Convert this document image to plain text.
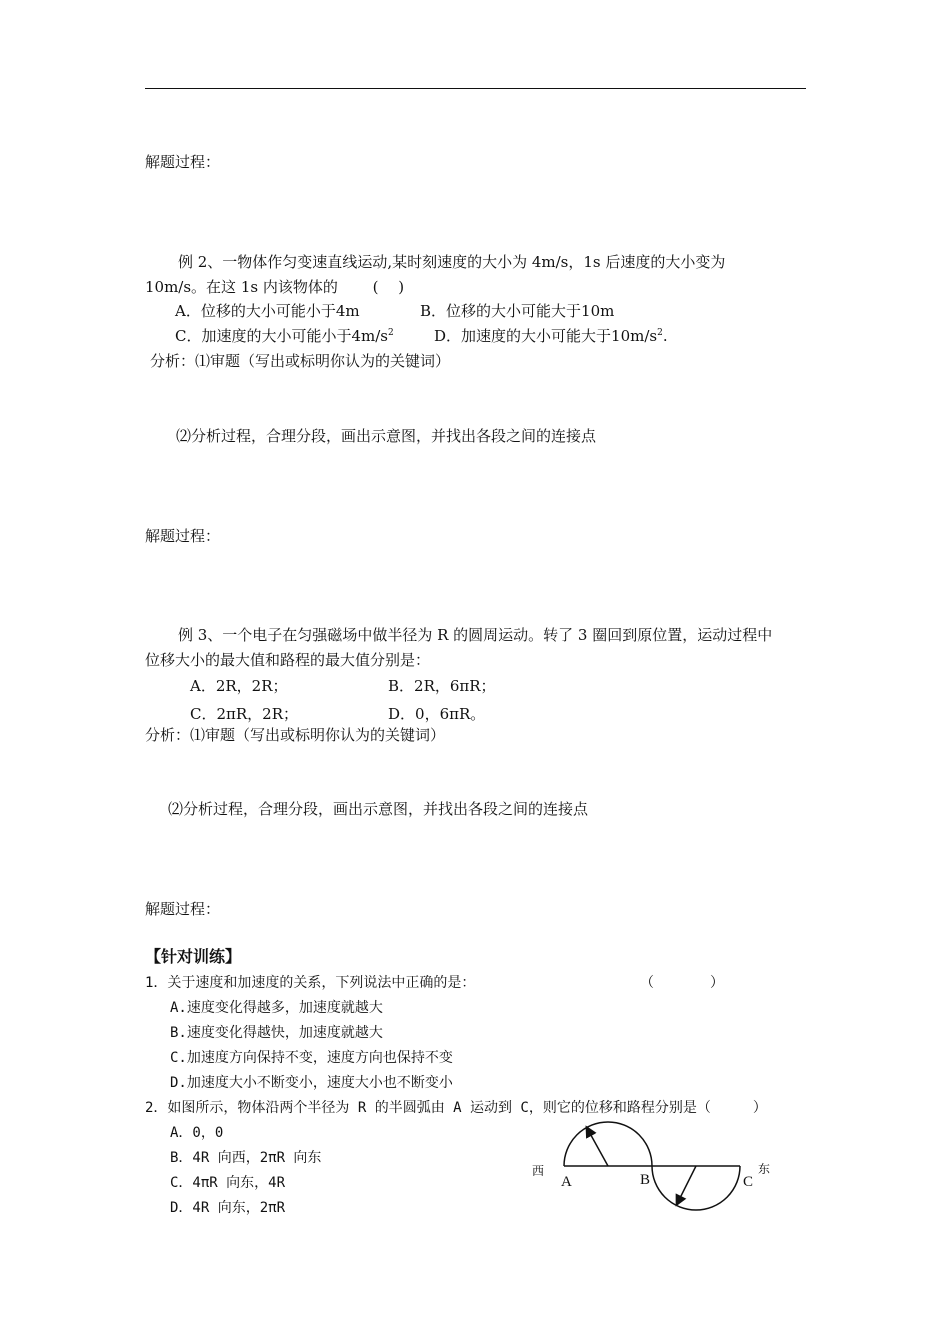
解题过程：
例 2、一物体作匀变速直线运动,某时刻速度的大小为 4m/s，1s 后速度的大小变为
10m/s。在这 1s 内该物体的 　　(　 )
A．位移的大小可能小于4m	B．位移的大小可能大于10m
C．加速度的大小可能小于$4m/s^2$	D．加速度的大小可能大于$10m/s^2$.
分析：⑴审题（写出或标明你认为的关键词）
⑵分析过程，合理分段，画出示意图，并找出各段之间的连接点
解题过程：
例 3、一个电子在匀强磁场中做半径为 R 的圆周运动。转了 3 圈回到原位置，运动过程中
位移大小的最大值和路程的最大值分别是：
A．2R，2R；	B．2R，6πR；
C．2πR，2R；	D．0，6πR。
分析：⑴审题（写出或标明你认为的关键词）
⑵分析过程，合理分段，画出示意图，并找出各段之间的连接点
解题过程：
【针对训练】
1．关于速度和加速度的关系，下列说法中正确的是：	（　　　　）
A.速度变化得越多，加速度就越大
B.速度变化得越快，加速度就越大
C.加速度方向保持不变，速度方向也保持不变
D.加速度大小不断变小，速度大小也不断变小
2．如图所示，物体沿两个半径为 R 的半圆弧由 A 运动到 C，则它的位移和路程分别是（　　　）
A．0，0
B．4R 向西，2πR 向东
C．4πR 向东，4R
D．4R 向东，2πR
西
A	B	C
东
